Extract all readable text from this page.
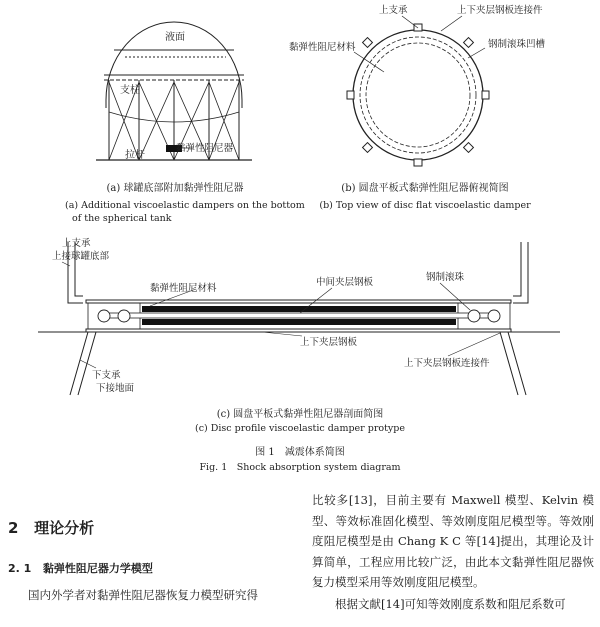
液面
支柱
拉杆
黏弹性阻尼器
上支承	上下夹层钢板连接件
黏弹性阻尼材料	钢制滚珠凹槽
上支承
上接球罐底部
黏弹性阻尼材料
中间夹层钢板	钢制滚珠
上下夹层钢板
下支承
下接地面
上下夹层钢板连接件
(a) 球罐底部附加黏弹性阻尼器
(a) Additional viscoelastic dampers on the bottom
of the spherical tank
(b) 圆盘平板式黏弹性阻尼器俯视简图
(b) Top view of disc flat viscoelastic damper
(c) 圆盘平板式黏弹性阻尼器剖面简图
(c) Disc profile viscoelastic damper protype
图 1　减震体系简图
Fig. 1　Shock absorption system diagram
2 理论分析
2. 1 黏弹性阻尼器力学模型
国内外学者对黏弹性阻尼器恢复力模型研究得

比较多[13]，目前主要有 Maxwell 模型、Kelvin 模型、等效标准固化模型、等效刚度阻尼模型等。等效刚度阻尼模型是由 Chang K C 等[14]提出，其理论及计算简单，工程应用比较广泛，由此本文黏弹性阻尼器恢复力模型采用等效刚度阻尼模型。

根据文献[14]可知等效刚度系数和阻尼系数可
